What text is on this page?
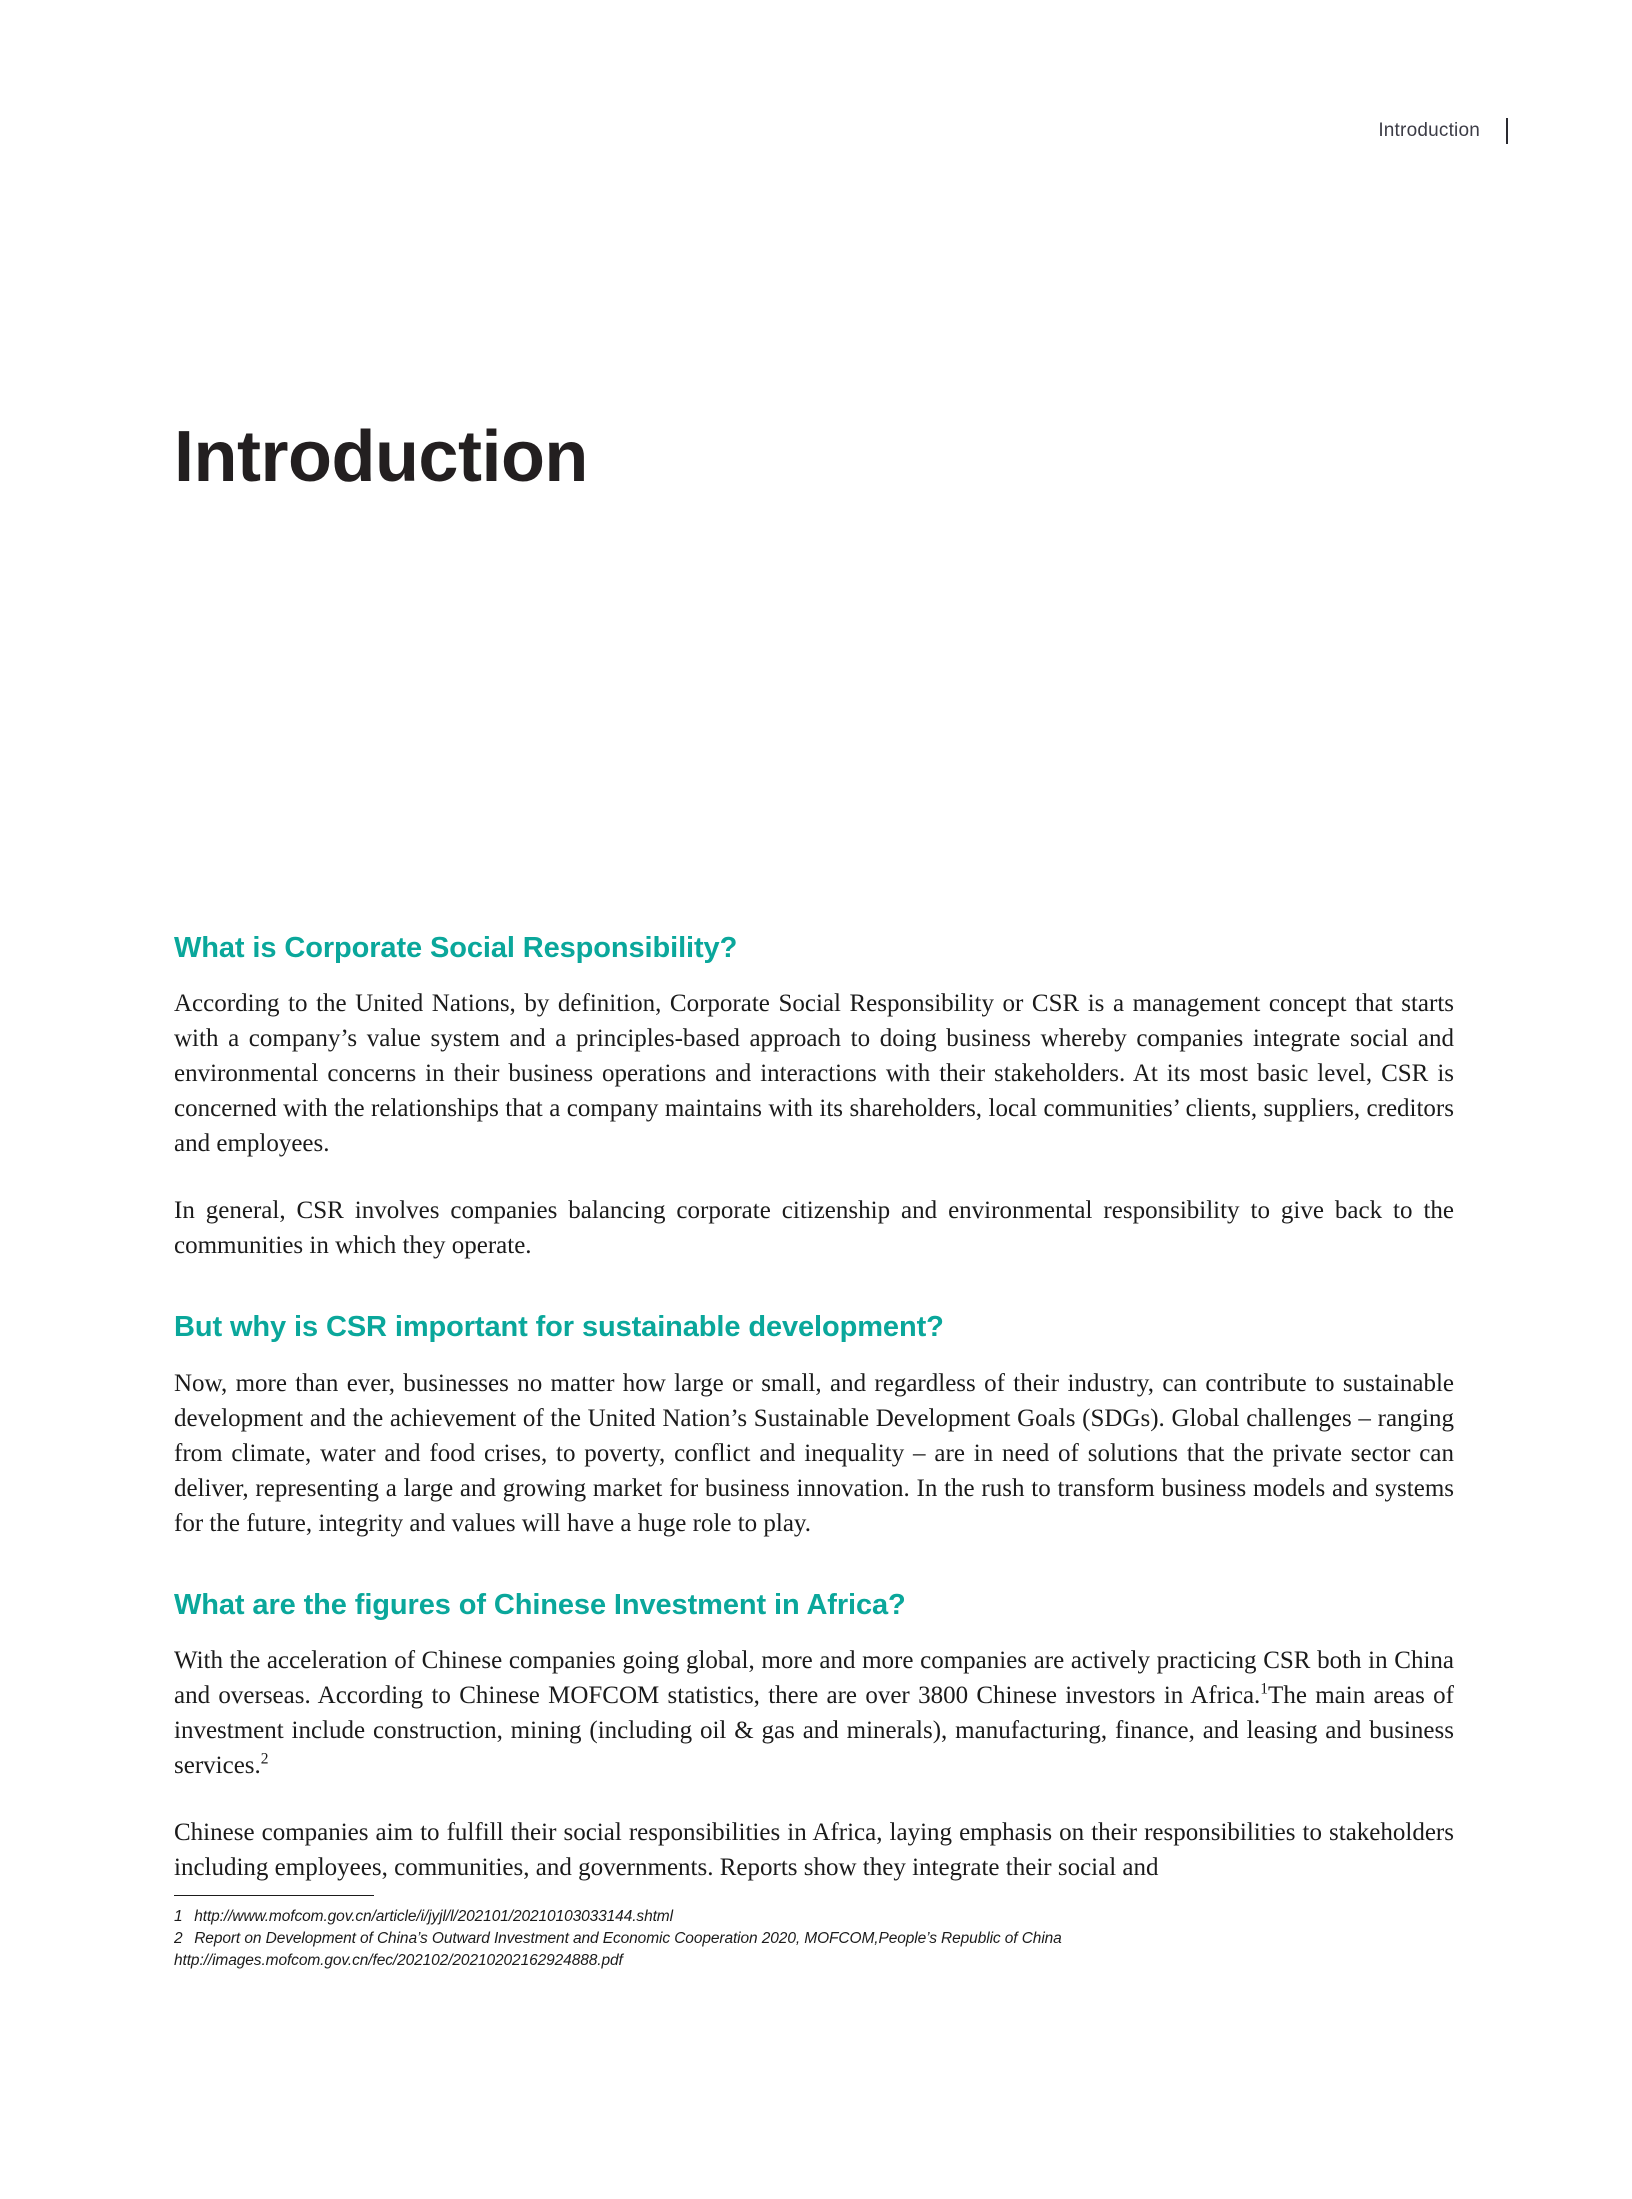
Introduction
Introduction
What is Corporate Social Responsibility?

According to the United Nations, by definition, Corporate Social Responsibility or CSR is a management concept that starts with a company’s value system and a principles-based approach to doing business whereby companies integrate social and environmental concerns in their business operations and interactions with their stakeholders. At its most basic level, CSR is concerned with the relationships that a company maintains with its shareholders, local communities’ clients, suppliers, creditors and employees.

In general, CSR involves companies balancing corporate citizenship and environmental responsibility to give back to the communities in which they operate.

But why is CSR important for sustainable development?

Now, more than ever, businesses no matter how large or small, and regardless of their industry, can contribute to sustainable development and the achievement of the United Nation’s Sustainable Development Goals (SDGs). Global challenges – ranging from climate, water and food crises, to poverty, conflict and inequality – are in need of solutions that the private sector can deliver, representing a large and growing market for business innovation. In the rush to transform business models and systems for the future, integrity and values will have a huge role to play.

What are the figures of Chinese Investment in Africa?

With the acceleration of Chinese companies going global, more and more companies are actively practicing CSR both in China and overseas. According to Chinese MOFCOM statistics, there are over 3800 Chinese investors in Africa.$^1$The main areas of investment include construction, mining (including oil & gas and minerals), manufacturing, finance, and leasing and business services.$^2$

Chinese companies aim to fulfill their social responsibilities in Africa, laying emphasis on their responsibilities to stakeholders including employees, communities, and governments. Reports show they integrate their social and

1 http://www.mofcom.gov.cn/article/i/jyjl/l/202101/20210103033144.shtml
2 Report on Development of China’s Outward Investment and Economic Cooperation 2020, MOFCOM,People’s Republic of China http://images.mofcom.gov.cn/fec/202102/20210202162924888.pdf
